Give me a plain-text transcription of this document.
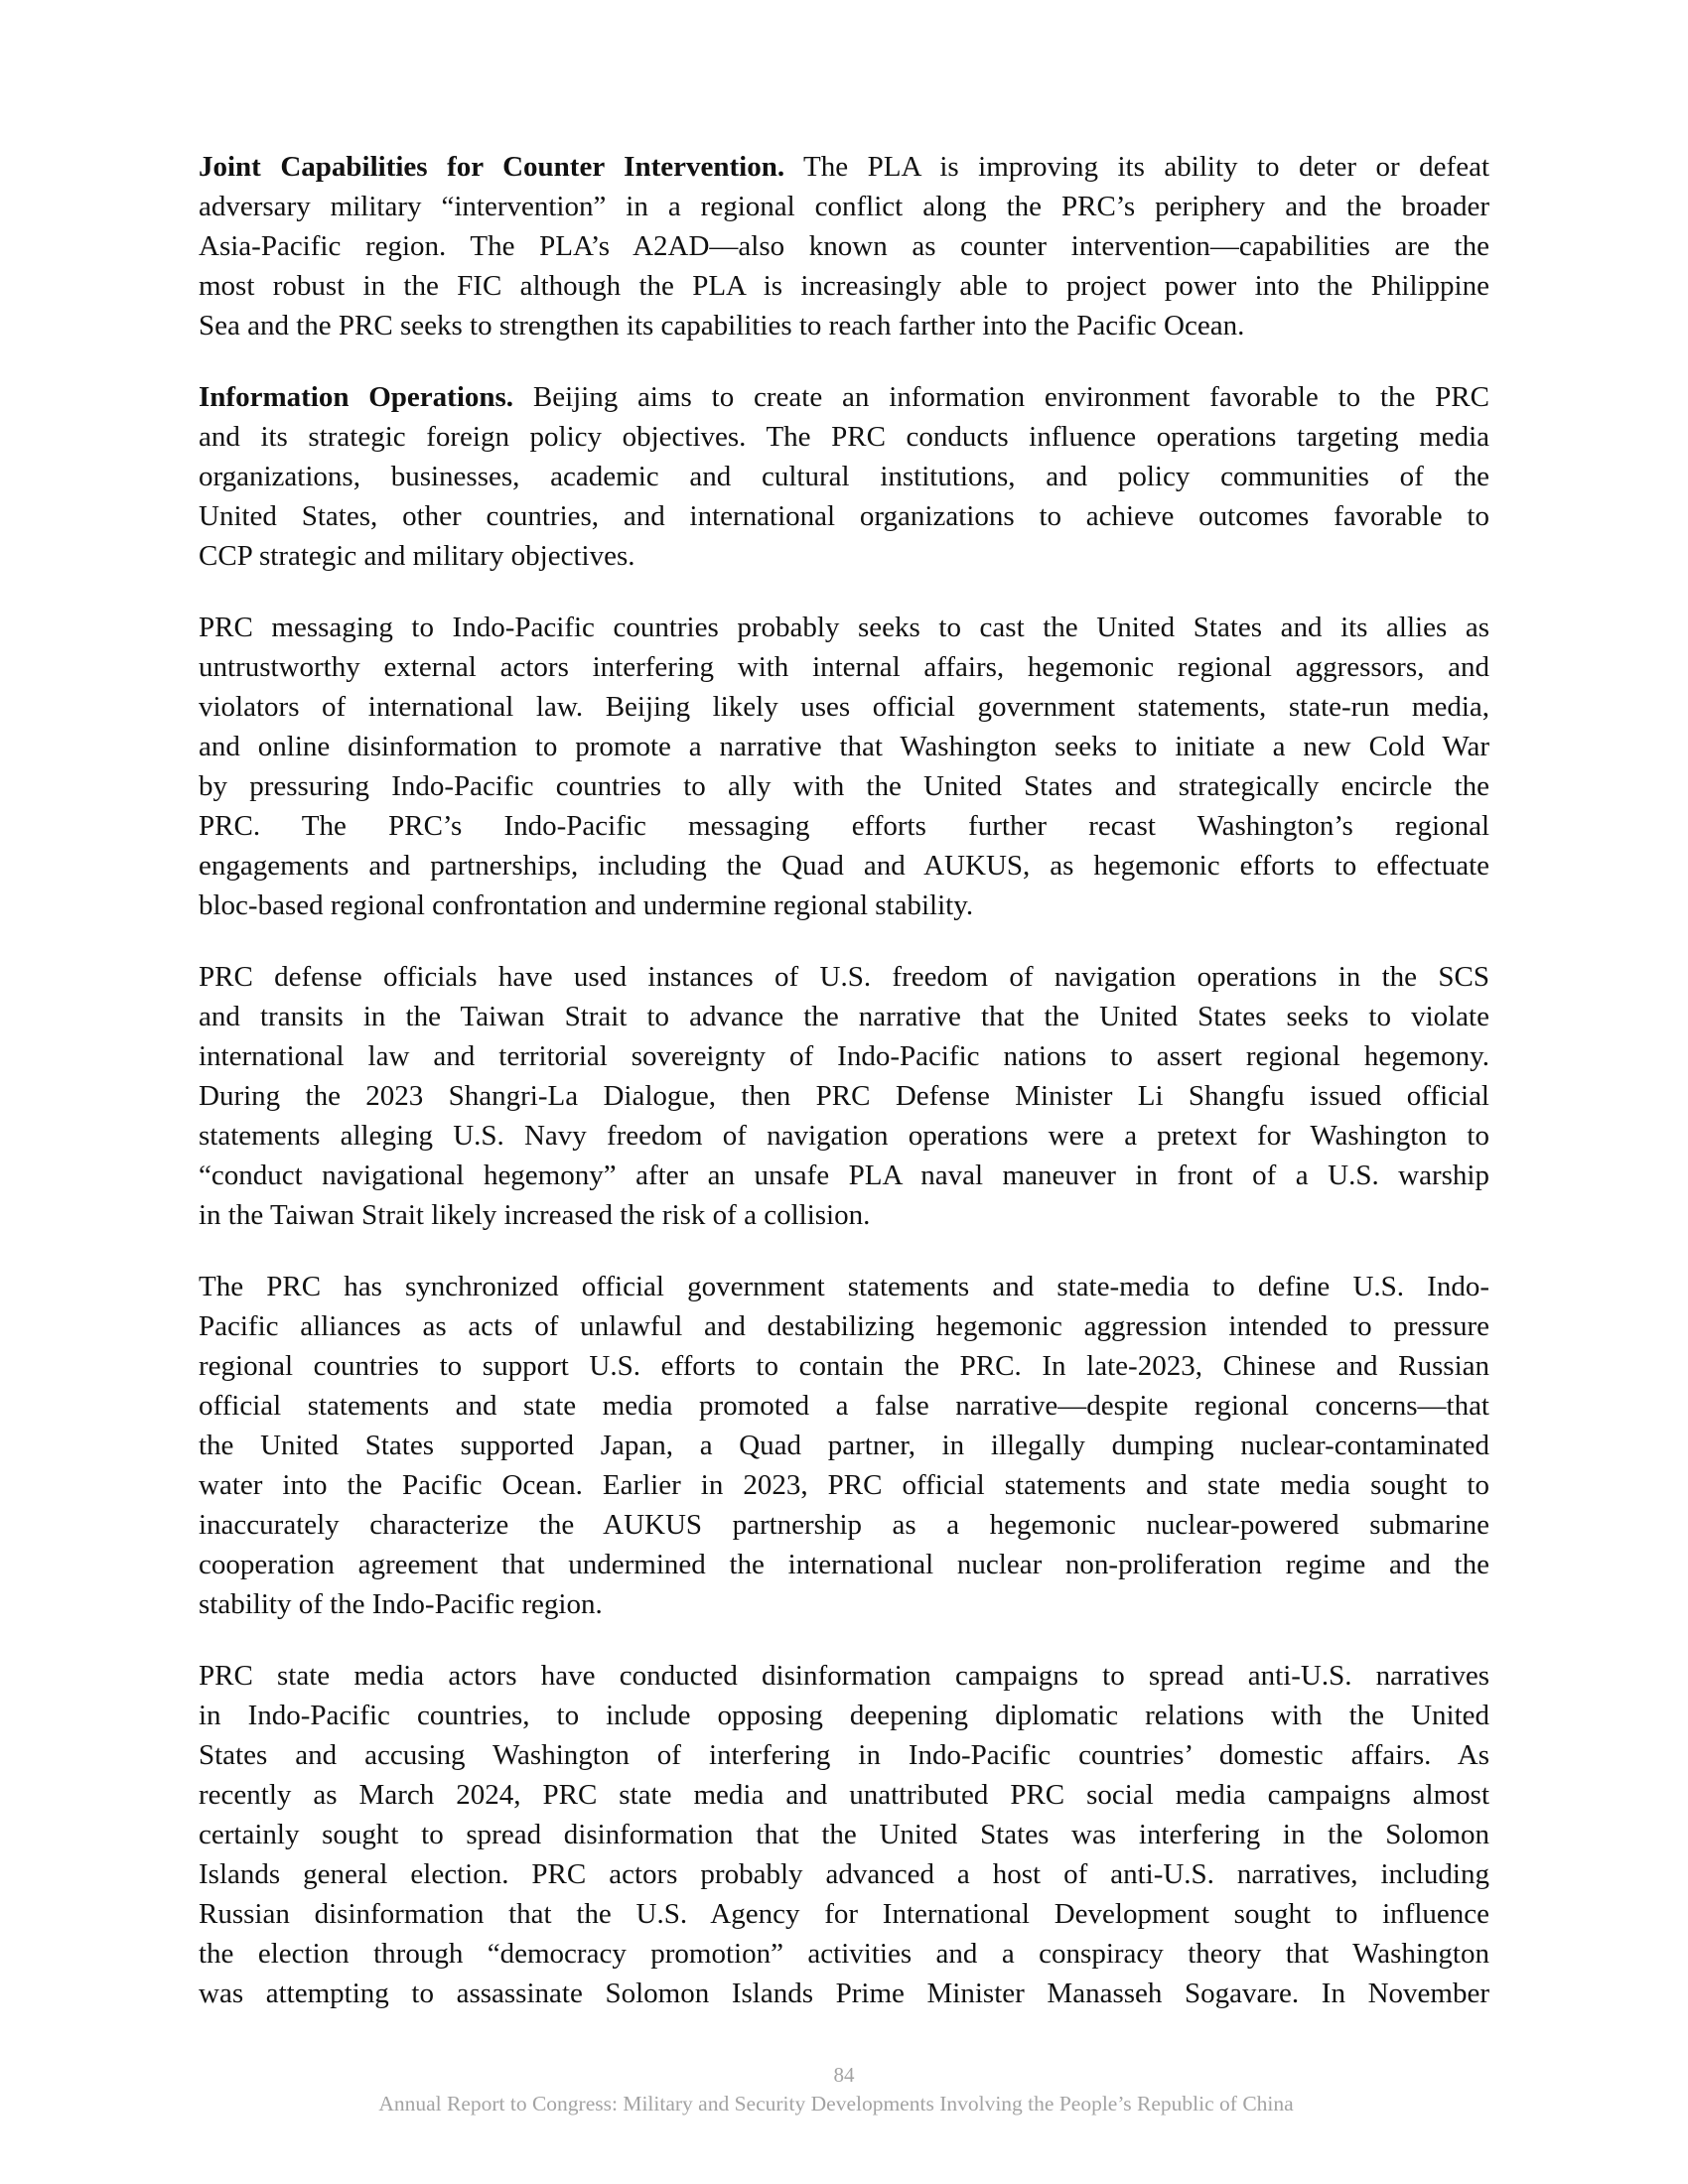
Joint Capabilities for Counter Intervention. The PLA is improving its ability to deter or defeat
adversary military “intervention” in a regional conflict along the PRC’s periphery and the broader
Asia-Pacific region. The PLA’s A2AD—also known as counter intervention—capabilities are the
most robust in the FIC although the PLA is increasingly able to project power into the Philippine
Sea and the PRC seeks to strengthen its capabilities to reach farther into the Pacific Ocean.
Information Operations. Beijing aims to create an information environment favorable to the PRC
and its strategic foreign policy objectives. The PRC conducts influence operations targeting media
organizations, businesses, academic and cultural institutions, and policy communities of the
United States, other countries, and international organizations to achieve outcomes favorable to
CCP strategic and military objectives.
PRC messaging to Indo-Pacific countries probably seeks to cast the United States and its allies as
untrustworthy external actors interfering with internal affairs, hegemonic regional aggressors, and
violators of international law. Beijing likely uses official government statements, state-run media,
and online disinformation to promote a narrative that Washington seeks to initiate a new Cold War
by pressuring Indo-Pacific countries to ally with the United States and strategically encircle the
PRC. The PRC’s Indo-Pacific messaging efforts further recast Washington’s regional
engagements and partnerships, including the Quad and AUKUS, as hegemonic efforts to effectuate
bloc-based regional confrontation and undermine regional stability.
PRC defense officials have used instances of U.S. freedom of navigation operations in the SCS
and transits in the Taiwan Strait to advance the narrative that the United States seeks to violate
international law and territorial sovereignty of Indo-Pacific nations to assert regional hegemony.
During the 2023 Shangri-La Dialogue, then PRC Defense Minister Li Shangfu issued official
statements alleging U.S. Navy freedom of navigation operations were a pretext for Washington to
“conduct navigational hegemony” after an unsafe PLA naval maneuver in front of a U.S. warship
in the Taiwan Strait likely increased the risk of a collision.
The PRC has synchronized official government statements and state-media to define U.S. Indo-
Pacific alliances as acts of unlawful and destabilizing hegemonic aggression intended to pressure
regional countries to support U.S. efforts to contain the PRC. In late-2023, Chinese and Russian
official statements and state media promoted a false narrative—despite regional concerns—that
the United States supported Japan, a Quad partner, in illegally dumping nuclear-contaminated
water into the Pacific Ocean. Earlier in 2023, PRC official statements and state media sought to
inaccurately characterize the AUKUS partnership as a hegemonic nuclear-powered submarine
cooperation agreement that undermined the international nuclear non-proliferation regime and the
stability of the Indo-Pacific region.
PRC state media actors have conducted disinformation campaigns to spread anti-U.S. narratives
in Indo-Pacific countries, to include opposing deepening diplomatic relations with the United
States and accusing Washington of interfering in Indo-Pacific countries’ domestic affairs. As
recently as March 2024, PRC state media and unattributed PRC social media campaigns almost
certainly sought to spread disinformation that the United States was interfering in the Solomon
Islands general election. PRC actors probably advanced a host of anti-U.S. narratives, including
Russian disinformation that the U.S. Agency for International Development sought to influence
the election through “democracy promotion” activities and a conspiracy theory that Washington
was attempting to assassinate Solomon Islands Prime Minister Manasseh Sogavare. In November
84
Annual Report to Congress: Military and Security Developments Involving the People’s Republic of China
